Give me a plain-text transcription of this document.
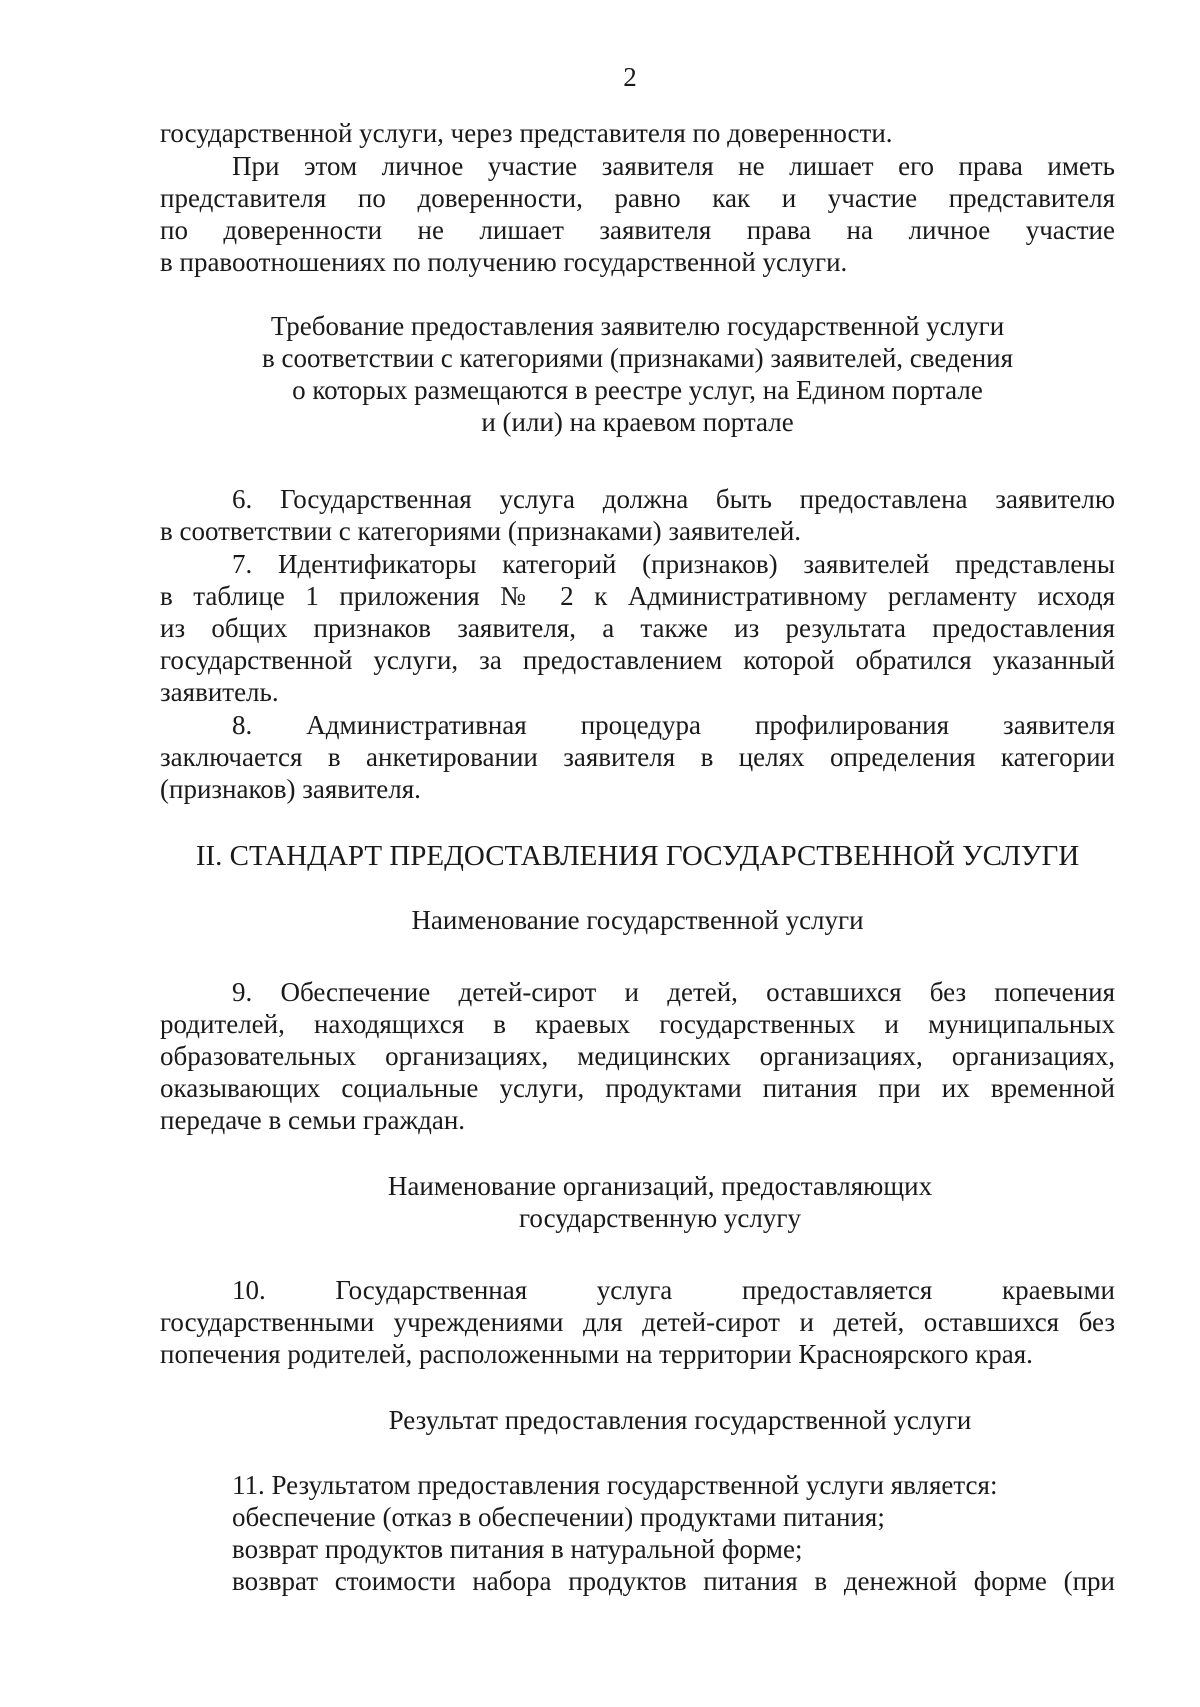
2
государственной услуги, через представителя по доверенности.
При этом личное участие заявителя не лишает его права иметь
представителя по доверенности, равно как и участие представителя
по доверенности не лишает заявителя права на личное участие
в правоотношениях по получению государственной услуги.
Требование предоставления заявителю государственной услуги
в соответствии с категориями (признаками) заявителей, сведения
о которых размещаются в реестре услуг, на Едином портале
и (или) на краевом портале
6. Государственная услуга должна быть предоставлена заявителю
в соответствии с категориями (признаками) заявителей.
7. Идентификаторы категорий (признаков) заявителей представлены
в таблице 1 приложения № 2 к Административному регламенту исходя
из общих признаков заявителя, а также из результата предоставления
государственной услуги, за предоставлением которой обратился указанный
заявитель.
8. Административная процедура профилирования заявителя
заключается в анкетировании заявителя в целях определения категории
(признаков) заявителя.
II. СТАНДАРТ ПРЕДОСТАВЛЕНИЯ ГОСУДАРСТВЕННОЙ УСЛУГИ
Наименование государственной услуги
9. Обеспечение детей-сирот и детей, оставшихся без попечения
родителей, находящихся в краевых государственных и муниципальных
образовательных организациях, медицинских организациях, организациях,
оказывающих социальные услуги, продуктами питания при их временной
передаче в семьи граждан.
Наименование организаций, предоставляющих
государственную услугу
10. Государственная услуга предоставляется краевыми
государственными учреждениями для детей-сирот и детей, оставшихся без
попечения родителей, расположенными на территории Красноярского края.
Результат предоставления государственной услуги
11. Результатом предоставления государственной услуги является:
обеспечение (отказ в обеспечении) продуктами питания;
возврат продуктов питания в натуральной форме;
возврат стоимости набора продуктов питания в денежной форме (при
